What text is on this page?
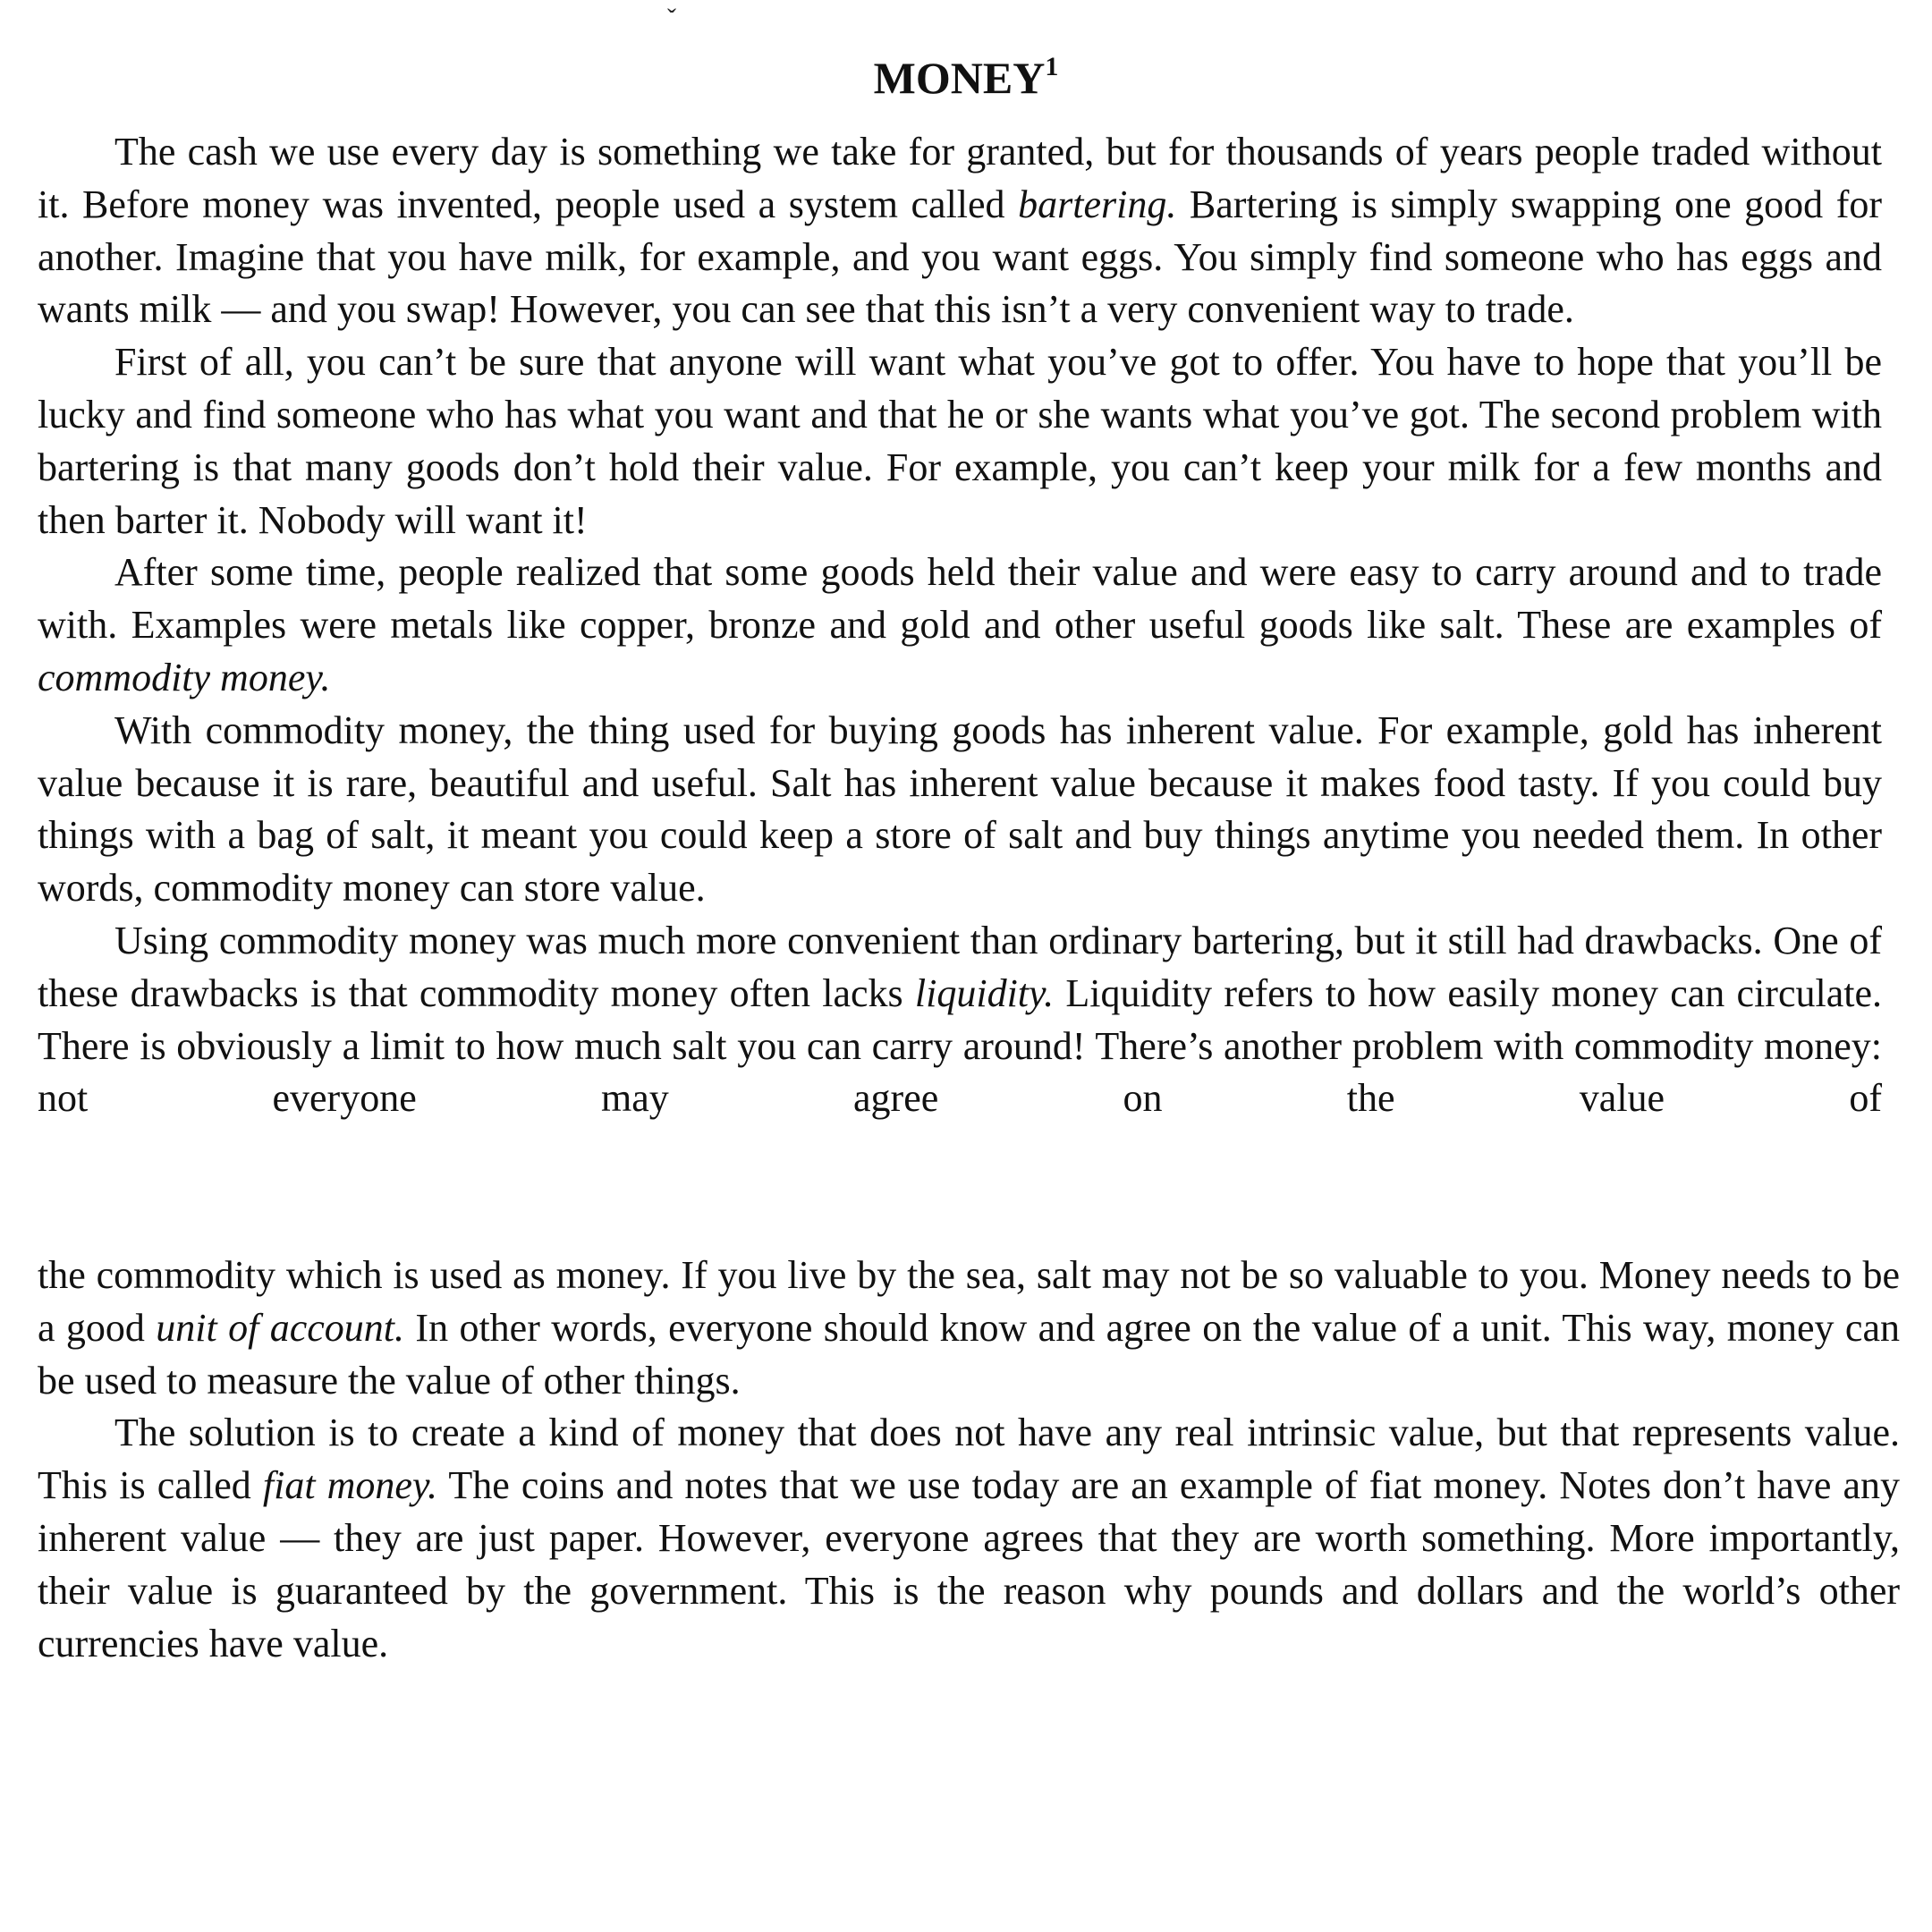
ˇ
MONEY$^1$

The cash we use every day is something we take for granted, but for thousands of years people traded without it. Before money was invented, people used a system called bartering. Bartering is simply swapping one good for another. Imagine that you have milk, for example, and you want eggs. You simply find someone who has eggs and wants milk — and you swap! However, you can see that this isn’t a very convenient way to trade.

First of all, you can’t be sure that anyone will want what you’ve got to offer. You have to hope that you’ll be lucky and find someone who has what you want and that he or she wants what you’ve got. The second problem with bartering is that many goods don’t hold their value. For example, you can’t keep your milk for a few months and then barter it. Nobody will want it!

After some time, people realized that some goods held their value and were easy to carry around and to trade with. Examples were metals like copper, bronze and gold and other useful goods like salt. These are examples of commodity money.

With commodity money, the thing used for buying goods has inherent value. For example, gold has inherent value because it is rare, beautiful and useful. Salt has inherent value because it makes food tasty. If you could buy things with a bag of salt, it meant you could keep a store of salt and buy things anytime you needed them. In other words, commodity money can store value.

Using commodity money was much more convenient than ordinary bartering, but it still had drawbacks. One of these drawbacks is that commodity money often lacks liquidity. Liquidity refers to how easily money can circulate. There is obviously a limit to how much salt you can carry around! There’s another problem with commodity money: not everyone may agree on the value of

the commodity which is used as money. If you live by the sea, salt may not be so valuable to you. Money needs to be a good unit of account. In other words, everyone should know and agree on the value of a unit. This way, money can be used to measure the value of other things.

The solution is to create a kind of money that does not have any real intrinsic value, but that represents value. This is called fiat money. The coins and notes that we use today are an example of fiat money. Notes don’t have any inherent value — they are just paper. However, everyone agrees that they are worth something. More importantly, their value is guaranteed by the government. This is the reason why pounds and dollars and the world’s other currencies have value.
